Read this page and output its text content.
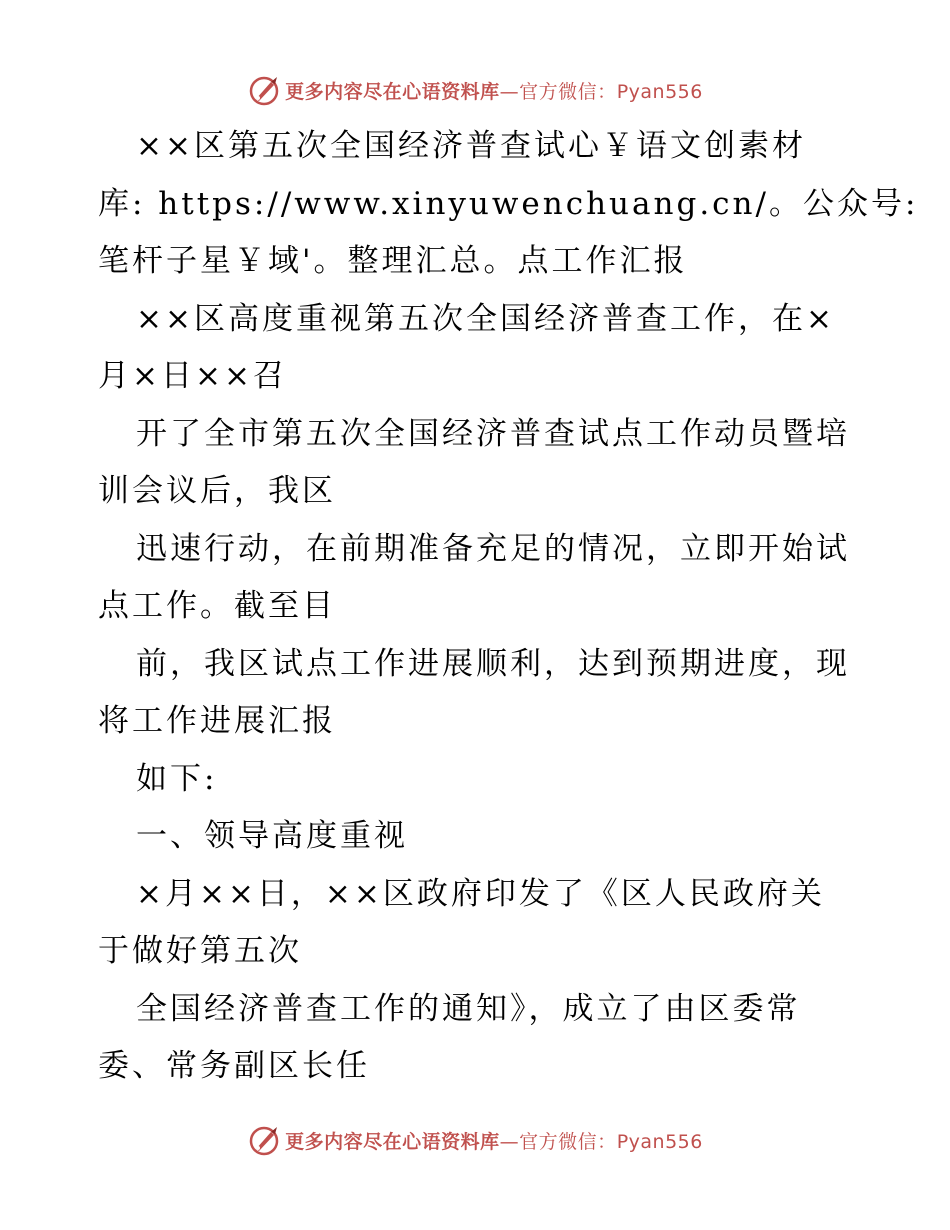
更多内容尽在心语资料库—官方微信：Pyan556
××区第五次全国经济普查试心￥语文创素材
库: https://www.xinyuwenchuang.cn/。公众号:
笔杆子星￥域'。整理汇总。点工作汇报
××区高度重视第五次全国经济普查工作，在×
月×日××召
开了全市第五次全国经济普查试点工作动员暨培
训会议后，我区
迅速行动，在前期准备充足的情况，立即开始试
点工作。截至目
前，我区试点工作进展顺利，达到预期进度，现
将工作进展汇报
如下:
一、领导高度重视
×月××日，××区政府印发了《区人民政府关
于做好第五次
全国经济普查工作的通知》，成立了由区委常
委、常务副区长任
更多内容尽在心语资料库—官方微信：Pyan556
